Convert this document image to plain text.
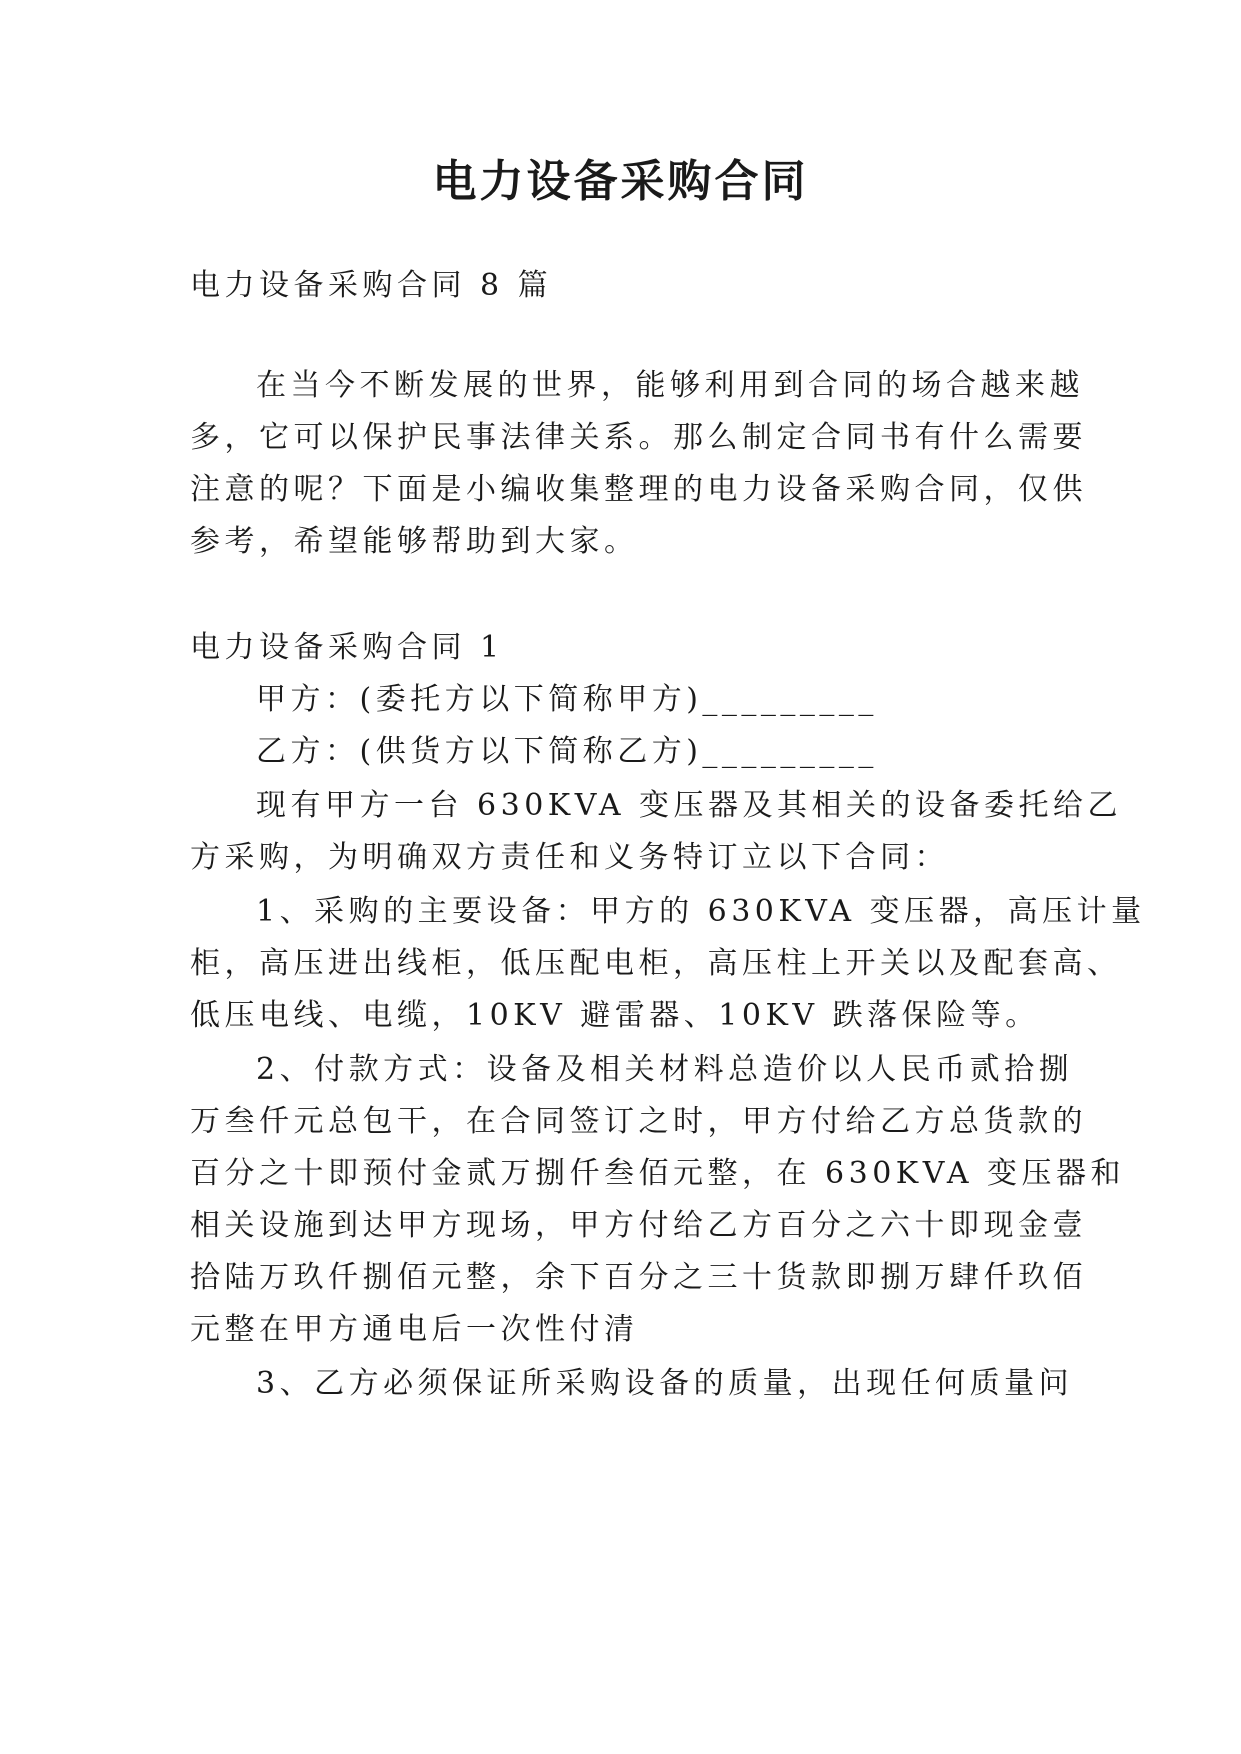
电力设备采购合同

电力设备采购合同 8 篇

在当今不断发展的世界，能够利用到合同的场合越来越

多，它可以保护民事法律关系。那么制定合同书有什么需要

注意的呢？下面是小编收集整理的电力设备采购合同，仅供

参考，希望能够帮助到大家。

电力设备采购合同 1

甲方：(委托方以下简称甲方)_________

乙方：(供货方以下简称乙方)_________

现有甲方一台 630KVA 变压器及其相关的设备委托给乙

方采购，为明确双方责任和义务特订立以下合同：

1、采购的主要设备：甲方的 630KVA 变压器，高压计量

柜，高压进出线柜，低压配电柜，高压柱上开关以及配套高、

低压电线、电缆，10KV 避雷器、10KV 跌落保险等。

2、付款方式：设备及相关材料总造价以人民币贰拾捌

万叁仟元总包干，在合同签订之时，甲方付给乙方总货款的

百分之十即预付金贰万捌仟叁佰元整，在 630KVA 变压器和

相关设施到达甲方现场，甲方付给乙方百分之六十即现金壹

拾陆万玖仟捌佰元整，余下百分之三十货款即捌万肆仟玖佰

元整在甲方通电后一次性付清

3、乙方必须保证所采购设备的质量，出现任何质量问
